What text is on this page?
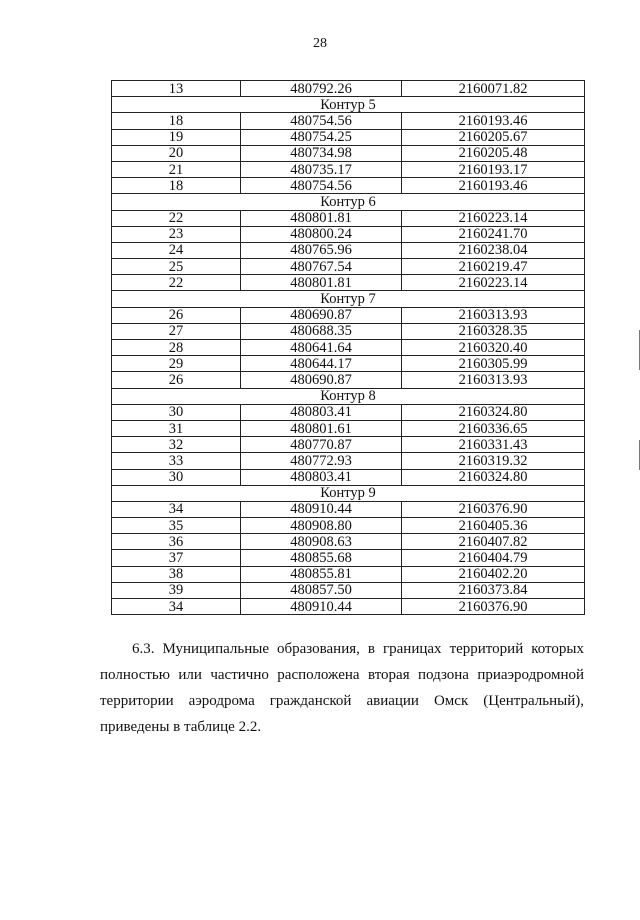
28
13	480792.26	2160071.82
Контур 5		
18	480754.56	2160193.46
19	480754.25	2160205.67
20	480734.98	2160205.48
21	480735.17	2160193.17
18	480754.56	2160193.46
Контур 6		
22	480801.81	2160223.14
23	480800.24	2160241.70
24	480765.96	2160238.04
25	480767.54	2160219.47
22	480801.81	2160223.14
Контур 7		
26	480690.87	2160313.93
27	480688.35	2160328.35
28	480641.64	2160320.40
29	480644.17	2160305.99
26	480690.87	2160313.93
Контур 8		
30	480803.41	2160324.80
31	480801.61	2160336.65
32	480770.87	2160331.43
33	480772.93	2160319.32
30	480803.41	2160324.80
Контур 9		
34	480910.44	2160376.90
35	480908.80	2160405.36
36	480908.63	2160407.82
37	480855.68	2160404.79
38	480855.81	2160402.20
39	480857.50	2160373.84
34	480910.44	2160376.90
6.3. Муниципальные образования, в границах территорий которых полностью или частично расположена вторая подзона приаэродромной территории аэродрома гражданской авиации Омск (Центральный), приведены в таблице 2.2.
